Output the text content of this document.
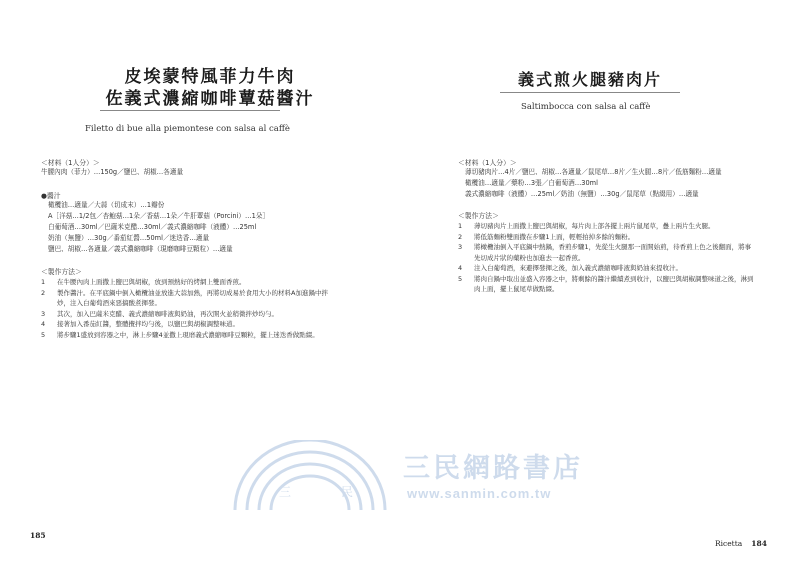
皮埃蒙特風菲力牛肉
佐義式濃縮咖啡蕈菇醬汁
Filetto di bue alla piemontese con salsa al caffè
＜材料（1人分）＞
牛腰內肉（菲力）…150g／鹽巴、胡椒…各適量
●醬汁
橄欖油…適量／大蒜（切成末）…1瓣份
A［洋菇…1/2包／杏鮑菇…1朵／香菇…1朵／牛肝蕈菇（Porcini）…1朵］
白葡萄酒…30ml／巴薩米克醋…30ml／義式濃縮咖啡（液體）…25ml
奶油（無鹽）…30g／番茄紅醬…50ml／迷迭香…適量
鹽巴、胡椒…各適量／義式濃縮咖啡（現磨咖啡豆顆粒）…適量
＜製作方法＞
1	在牛腰內肉上面撒上鹽巴與胡椒，放到預熱好的烤網上雙面香煎。
2	製作醬汁。在平底鍋中倒入橄欖油並放進大蒜加熱，再將切成易於食用大小的材料A加進鍋中拌
炒，注入白葡萄酒來惡搞酸煮揮發。
3	其次，加入巴薩米克醋、義式濃縮咖啡液與奶油，再次開火並稍微拌炒均勻。
4	接著加入番茄紅醬，整體攪拌均勻後，以鹽巴與胡椒調整味道。
5	將步驟1盛放到容器之中，淋上步驟4並撒上現磨義式濃縮咖啡豆顆粒，擺上迷迭香做點綴。
185
義式煎火腿豬肉片
Saltimbocca con salsa al caffè
＜材料（1人分）＞
薄切豬肉片…4片／鹽巴、胡椒…各適量／鼠尾草…8片／生火腿…8片／低筋麵粉…適量
橄欖油…適量／藥粉…3張／白葡萄酒…30ml
義式濃縮咖啡（液體）…25ml／奶油（無鹽）…30g／鼠尾草（點綴用）…適量
＜製作方法＞
1	薄切豬肉片上面撒上鹽巴與胡椒，每片肉上部各擺上兩片鼠尾草，疊上兩片生火腿。
2	將低筋麵粉雙面撒在步驟1上面，輕輕拍掉多餘的麵粉。
3	將橄欖油倒入平底鍋中熱鍋，香煎步驟1，先從生火腿那一面開始煎，待香煎上色之後翻面，將事
先切成片狀的藥粉也加進去一起香煎。
4	注入白葡萄酒，來避擇發揮之後，加入義式濃縮咖啡液與奶油來提收汁。
5	將肉自鍋中取出並盛入容器之中，將剩餘的醬汁繼續煮到收汁，以鹽巴與胡椒調整味道之後，淋到
肉上面，擺上鼠尾草做點綴。
Ricetta 184
三	民
三民網路書店
www.sanmin.com.tw
